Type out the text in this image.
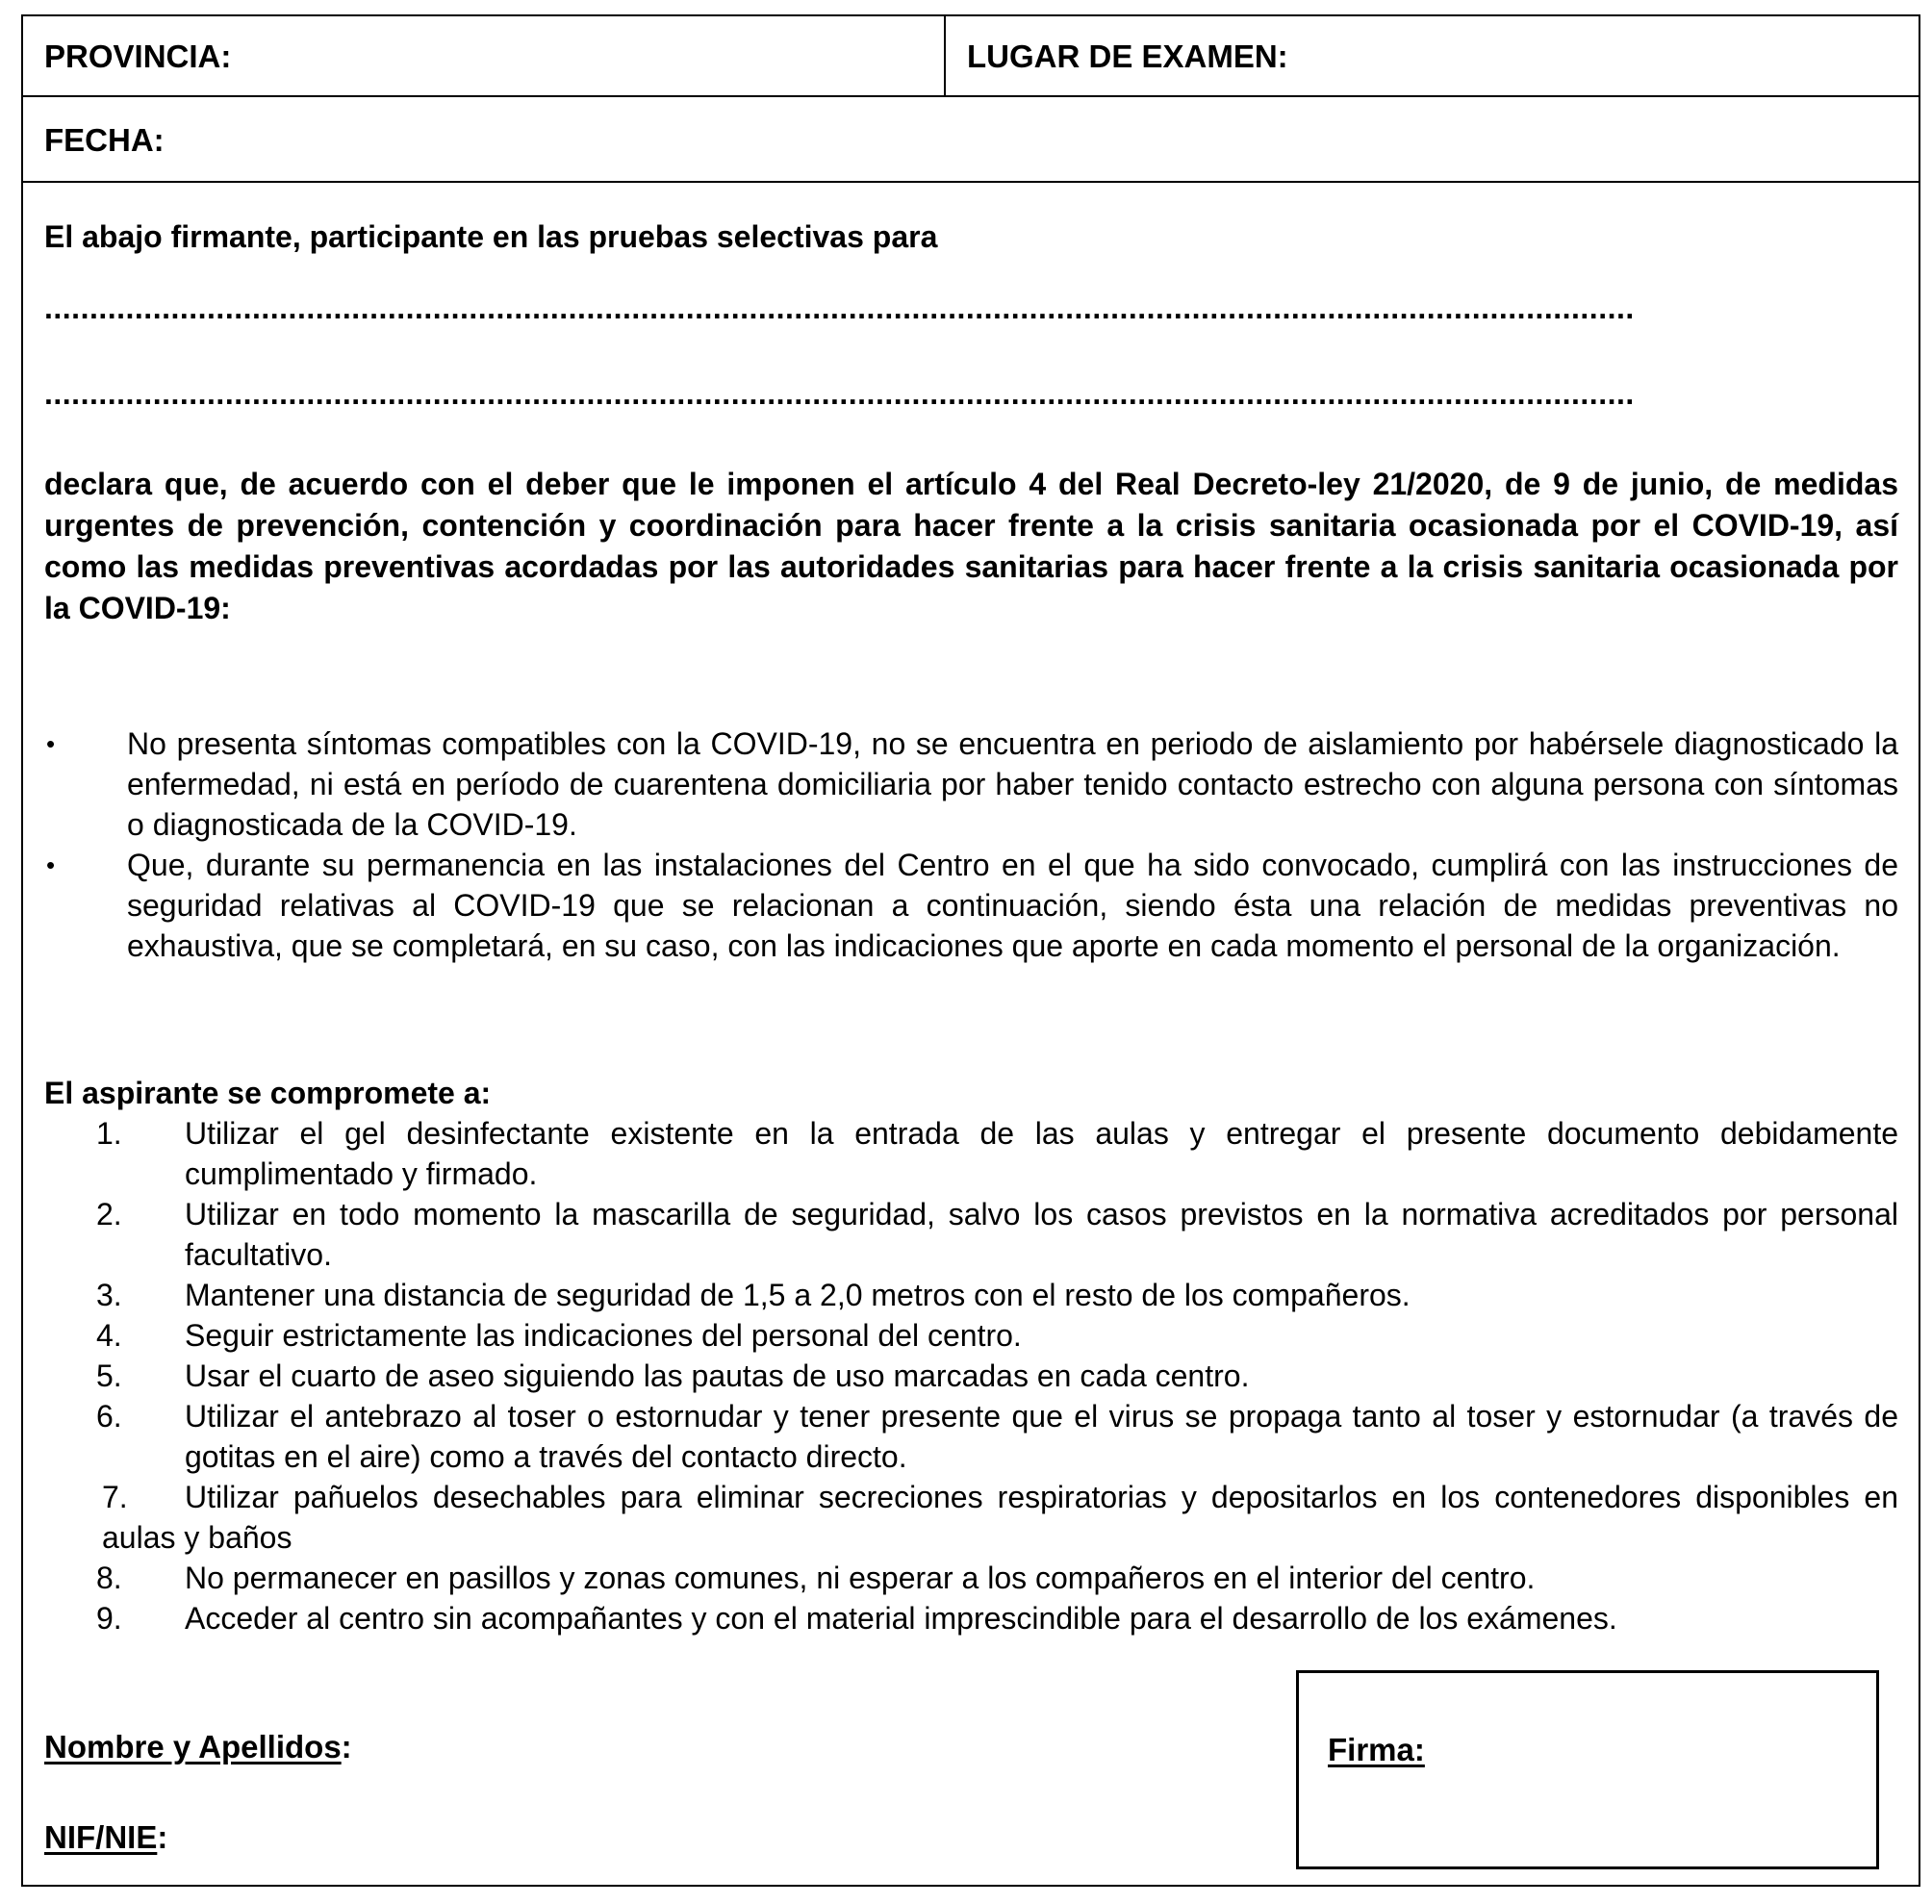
PROVINCIA:	LUGAR DE EXAMEN:
FECHA:
El abajo firmante, participante en las pruebas selectivas para
................................................................................................................................................................................
................................................................................................................................................................................
declara que, de acuerdo con el deber que le imponen el artículo 4 del Real Decreto-ley 21/2020, de 9 de junio, de medidas urgentes de prevención, contención y coordinación para hacer frente a la crisis sanitaria ocasionada por el COVID-19, así como las medidas preventivas acordadas por las autoridades sanitarias para hacer frente a la crisis sanitaria ocasionada por la COVID-19:
• No presenta síntomas compatibles con la COVID-19, no se encuentra en periodo de aislamiento por habérsele diagnosticado la enfermedad, ni está en período de cuarentena domiciliaria por haber tenido contacto estrecho con alguna persona con síntomas o diagnosticada de la COVID-19.
• Que, durante su permanencia en las instalaciones del Centro en el que ha sido convocado, cumplirá con las instrucciones de seguridad relativas al COVID-19 que se relacionan a continuación, siendo ésta una relación de medidas preventivas no exhaustiva, que se completará, en su caso, con las indicaciones que aporte en cada momento el personal de la organización.
El aspirante se compromete a:
1.	Utilizar el gel desinfectante existente en la entrada de las aulas y entregar el presente documento debidamente cumplimentado y firmado.
2.	Utilizar en todo momento la mascarilla de seguridad, salvo los casos previstos en la normativa acreditados por personal facultativo.
3.	Mantener una distancia de seguridad de 1,5 a 2,0 metros con el resto de los compañeros.
4.	Seguir estrictamente las indicaciones del personal del centro.
5.	Usar el cuarto de aseo siguiendo las pautas de uso marcadas en cada centro.
6.	Utilizar el antebrazo al toser o estornudar y tener presente que el virus se propaga tanto al toser y estornudar (a través de gotitas en el aire) como a través del contacto directo.
7. Utilizar pañuelos desechables para eliminar secreciones respiratorias y depositarlos en los contenedores disponibles en aulas y baños
8.	No permanecer en pasillos y zonas comunes, ni esperar a los compañeros en el interior del centro.
9.	Acceder al centro sin acompañantes y con el material imprescindible para el desarrollo de los exámenes.
Nombre y Apellidos:
NIF/NIE:
Firma:
